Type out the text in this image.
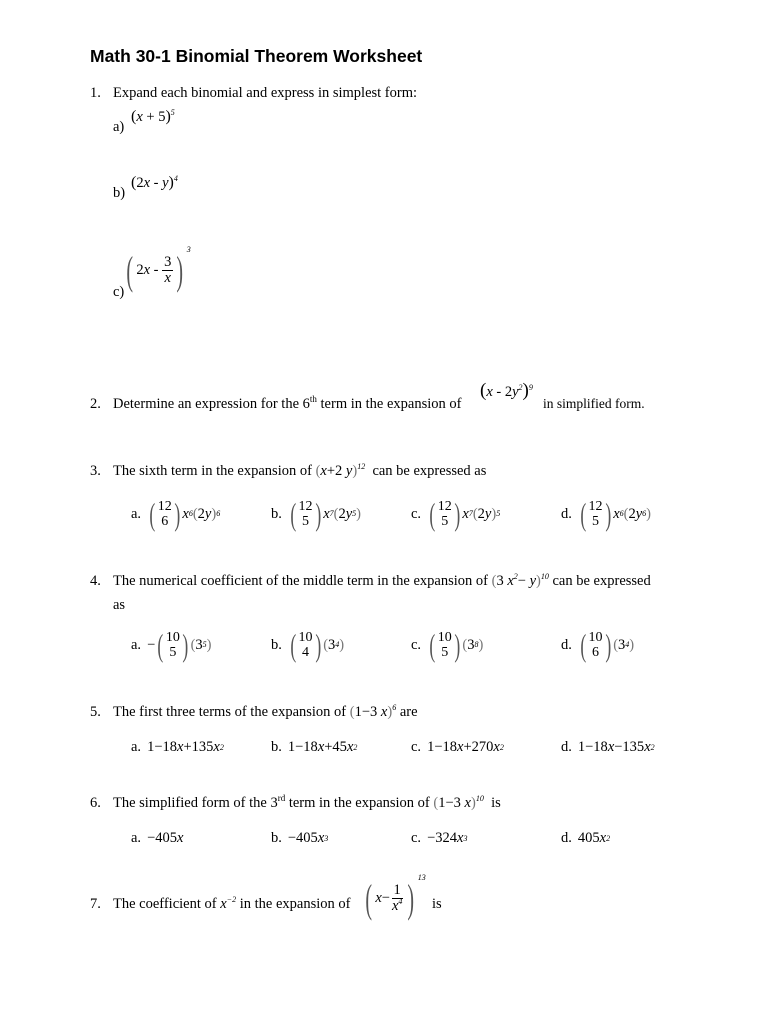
Math 30-1 Binomial Theorem Worksheet
1. Expand each binomial and express in simplest form:
a)
$(x + 5)^5$
b)
(2x - y)$^4$
c) ( $2x - \frac{3}{x}$ ) $^3$
2. Determine an expression for the 6th term in the expansion of
$(x - 2y^2)^9$
in simplified form.
3. The sixth term in the expansion of (x+2 y)$^{12}$ can be expressed as
a. ( 12
6 ) x 6 ( 2 y ) 6	b. ( 12
5 ) x 7 ( 2 y 5 )	c. ( 12
5 ) x 7 ( 2 y ) 5	d. ( 12
5 ) x 6 ( 2 y 6 )
4. The numerical coefficient of the middle term in the expansion of (3 $x^2- y)^{10}$ can be expressed
as
a. − ( 10
5 ) ( 3 5 )	b. ( 10
4 ) ( 3 4 )	c. ( 10
5 ) ( 3 8 )	d. ( 10
6 ) ( 3 4 )
5. The first three terms of the expansion of (1−3 x)$^6$ are
a. 1−18 x +135 x 2	b. 1−18 x +45 x 2	c. 1−18 x +270 x 2	d. 1−18 x −135 x 2
6. The simplified form of the 3rd term in the expansion of (1−3 x)$^{10}$ is
a. −405 x	b. −405 x 3	c. −324 x 3	d. 405 x 2
7. The coefficient of $x^{-2}$ in the expansion of ( $x- \frac{1}{x^4}$ ) $^{13}$
is
